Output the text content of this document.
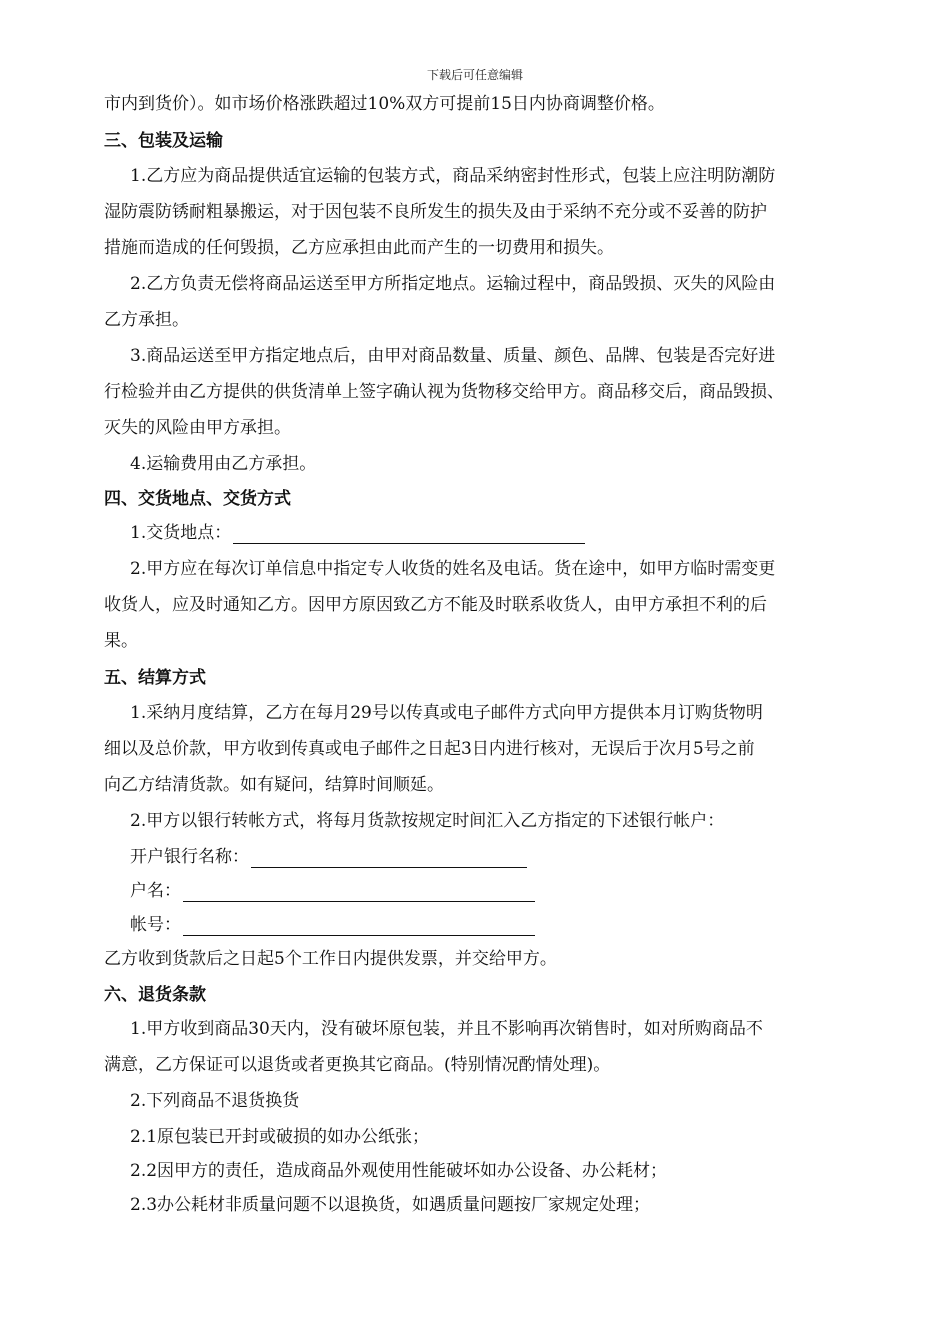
下载后可任意编辑
市内到货价）。如市场价格涨跌超过10%双方可提前15日内协商调整价格。
三、包装及运输
1.乙方应为商品提供适宜运输的包装方式，商品采纳密封性形式，包装上应注明防潮防
湿防震防锈耐粗暴搬运，对于因包装不良所发生的损失及由于采纳不充分或不妥善的防护
措施而造成的任何毁损，乙方应承担由此而产生的一切费用和损失。
2.乙方负责无偿将商品运送至甲方所指定地点。运输过程中，商品毁损、灭失的风险由
乙方承担。
3.商品运送至甲方指定地点后，由甲对商品数量、质量、颜色、品牌、包装是否完好进
行检验并由乙方提供的供货清单上签字确认视为货物移交给甲方。商品移交后，商品毁损、
灭失的风险由甲方承担。
4.运输费用由乙方承担。
四、交货地点、交货方式
1.交货地点：
2.甲方应在每次订单信息中指定专人收货的姓名及电话。货在途中，如甲方临时需变更
收货人，应及时通知乙方。因甲方原因致乙方不能及时联系收货人，由甲方承担不利的后
果。
五、结算方式
1.采纳月度结算，乙方在每月29号以传真或电子邮件方式向甲方提供本月订购货物明
细以及总价款，甲方收到传真或电子邮件之日起3日内进行核对，无误后于次月5号之前
向乙方结清货款。如有疑问，结算时间顺延。
2.甲方以银行转帐方式，将每月货款按规定时间汇入乙方指定的下述银行帐户：
开户银行名称：
户名：
帐号：
乙方收到货款后之日起5个工作日内提供发票，并交给甲方。
六、退货条款
1.甲方收到商品30天内，没有破坏原包装，并且不影响再次销售时，如对所购商品不
满意，乙方保证可以退货或者更换其它商品。(特别情况酌情处理)。
2.下列商品不退货换货
2.1原包装已开封或破损的如办公纸张；
2.2因甲方的责任，造成商品外观使用性能破坏如办公设备、办公耗材；
2.3办公耗材非质量问题不以退换货，如遇质量问题按厂家规定处理；
